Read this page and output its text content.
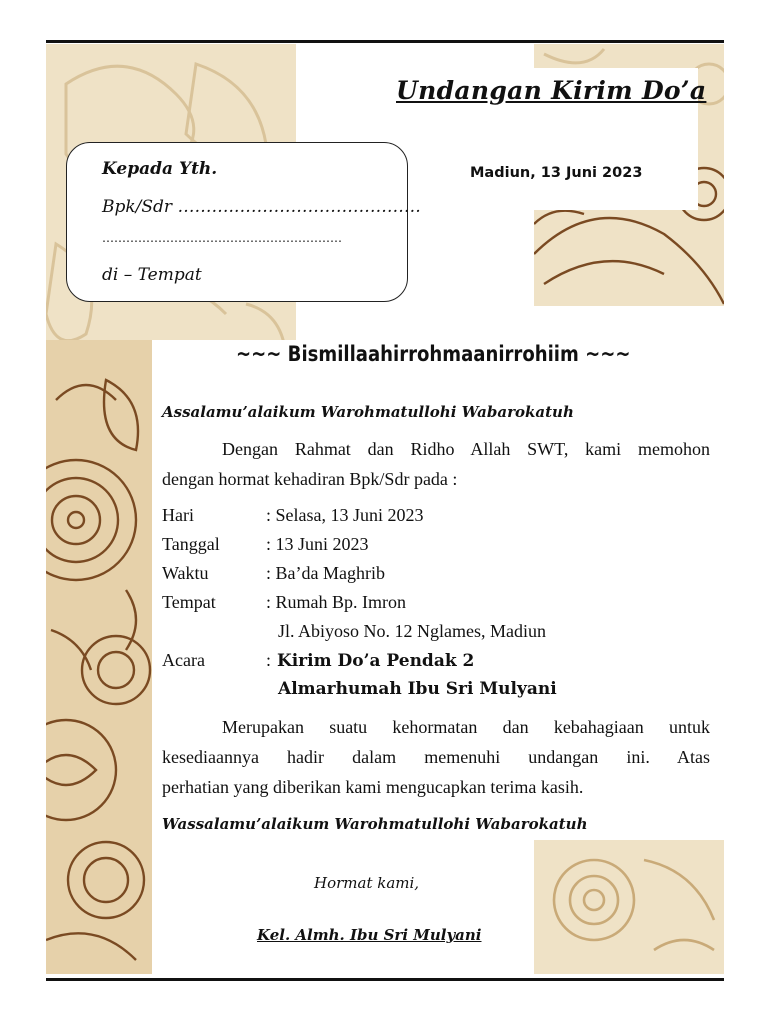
Undangan Kirim Do’a
Madiun, 13 Juni 2023
Kepada Yth.
Bpk/Sdr ……….……………………………
……………………………………………………
di – Tempat
~~~ Bismillaahirrohmaanirrohiim ~~~
Assalamu’alaikum Warohmatullohi Wabarokatuh
Dengan Rahmat dan Ridho Allah SWT, kami memohon
dengan hormat kehadiran Bpk/Sdr pada :
Hari	: Selasa, 13 Juni 2023
Tanggal	: 13 Juni 2023
Waktu	: Ba’da Maghrib
Tempat	: Rumah Bp. Imron
Jl. Abiyoso No. 12 Nglames, Madiun
Acara	: Kirim Do’a Pendak 2
Almarhumah Ibu Sri Mulyani
Merupakan suatu kehormatan dan kebahagiaan untuk
kesediaannya hadir dalam memenuhi undangan ini. Atas
perhatian yang diberikan kami mengucapkan terima kasih.
Wassalamu’alaikum Warohmatullohi Wabarokatuh
Hormat kami,
Kel. Almh. Ibu Sri Mulyani
